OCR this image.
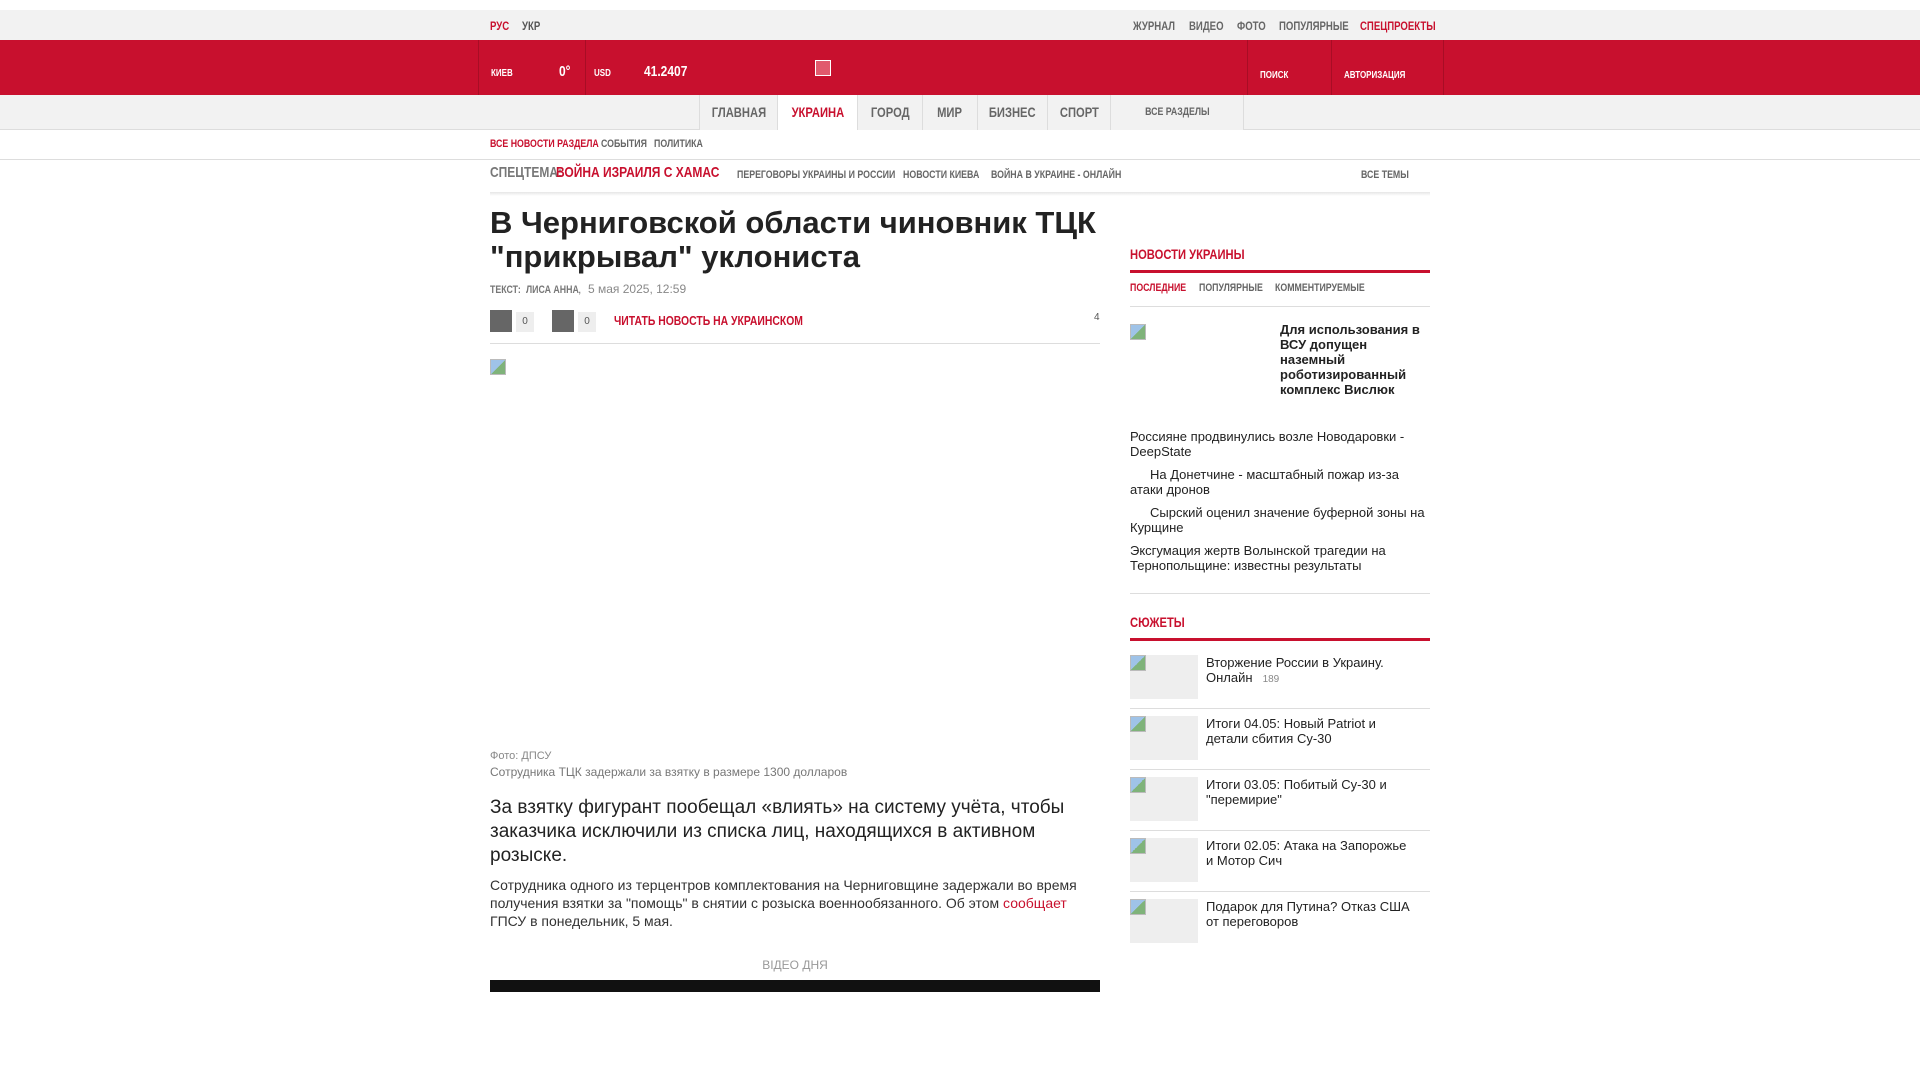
РУС УКР	ЖУРНАЛ ВИДЕО ФОТО ПОПУЛЯРНЫЕ СПЕЦПРОЕКТЫ
КИЕВ	0° USD 41.2407	ПОИСК	АВТОРИЗАЦИЯ
ГЛАВНАЯ	УКРАИНА	ГОРОД	МИР	БИЗНЕС	СПОРТ	ВСЕ РАЗДЕЛЫ
ВСЕ НОВОСТИ РАЗДЕЛА СОБЫТИЯ ПОЛИТИКА
СПЕЦТЕМА:
ВОЙНА ИЗРАИЛЯ С ХАМАС ПЕРЕГОВОРЫ УКРАИНЫ И РОССИИ НОВОСТИ КИЕВА ВОЙНА В УКРАИНЕ - ОНЛАЙН	ВСЕ ТЕМЫ
В Черниговской области чиновник ТЦК "прикрывал" уклониста
ТЕКСТ: ЛИСА АННА,  5 мая 2025, 12:59
0	0	ЧИТАТЬ НОВОСТЬ НА УКРАИНСКОМ	4
Фото: ДПСУ
Сотрудника ТЦК задержали за взятку в размере 1300 долларов

За взятку фигурант пообещал «влиять» на систему учёта, чтобы заказчика исключили из списка лиц, находящихся в активном розыске.

Сотрудника одного из терцентров комплектования на Черниговщине задержали во время получения взятки за "помощь" в снятии с розыска военнообязанного. Об этом сообщает ГПСУ в понедельник, 5 мая.

ВІДЕО ДНЯ
НОВОСТИ УКРАИНЫ
ПОСЛЕДНИЕ ПОПУЛЯРНЫЕ КОММЕНТИРУЕМЫЕ
Для использования в ВСУ допущен наземный роботизированный комплекс Вислюк
Россияне продвинулись возле Новодаровки - DeepState
На Донетчине - масштабный пожар из-за атаки дронов
Сырский оценил значение буферной зоны на Курщине
Эксгумация жертв Волынской трагедии на Тернопольщине: известны результаты
СЮЖЕТЫ
Вторжение России в Украину. Онлайн 189
Итоги 04.05: Новый Patriot и детали сбития Су-30
Итоги 03.05: Побитый Су-30 и "перемирие"
Итоги 02.05: Атака на Запорожье и Мотор Сич
Подарок для Путина? Отказ США от переговоров
